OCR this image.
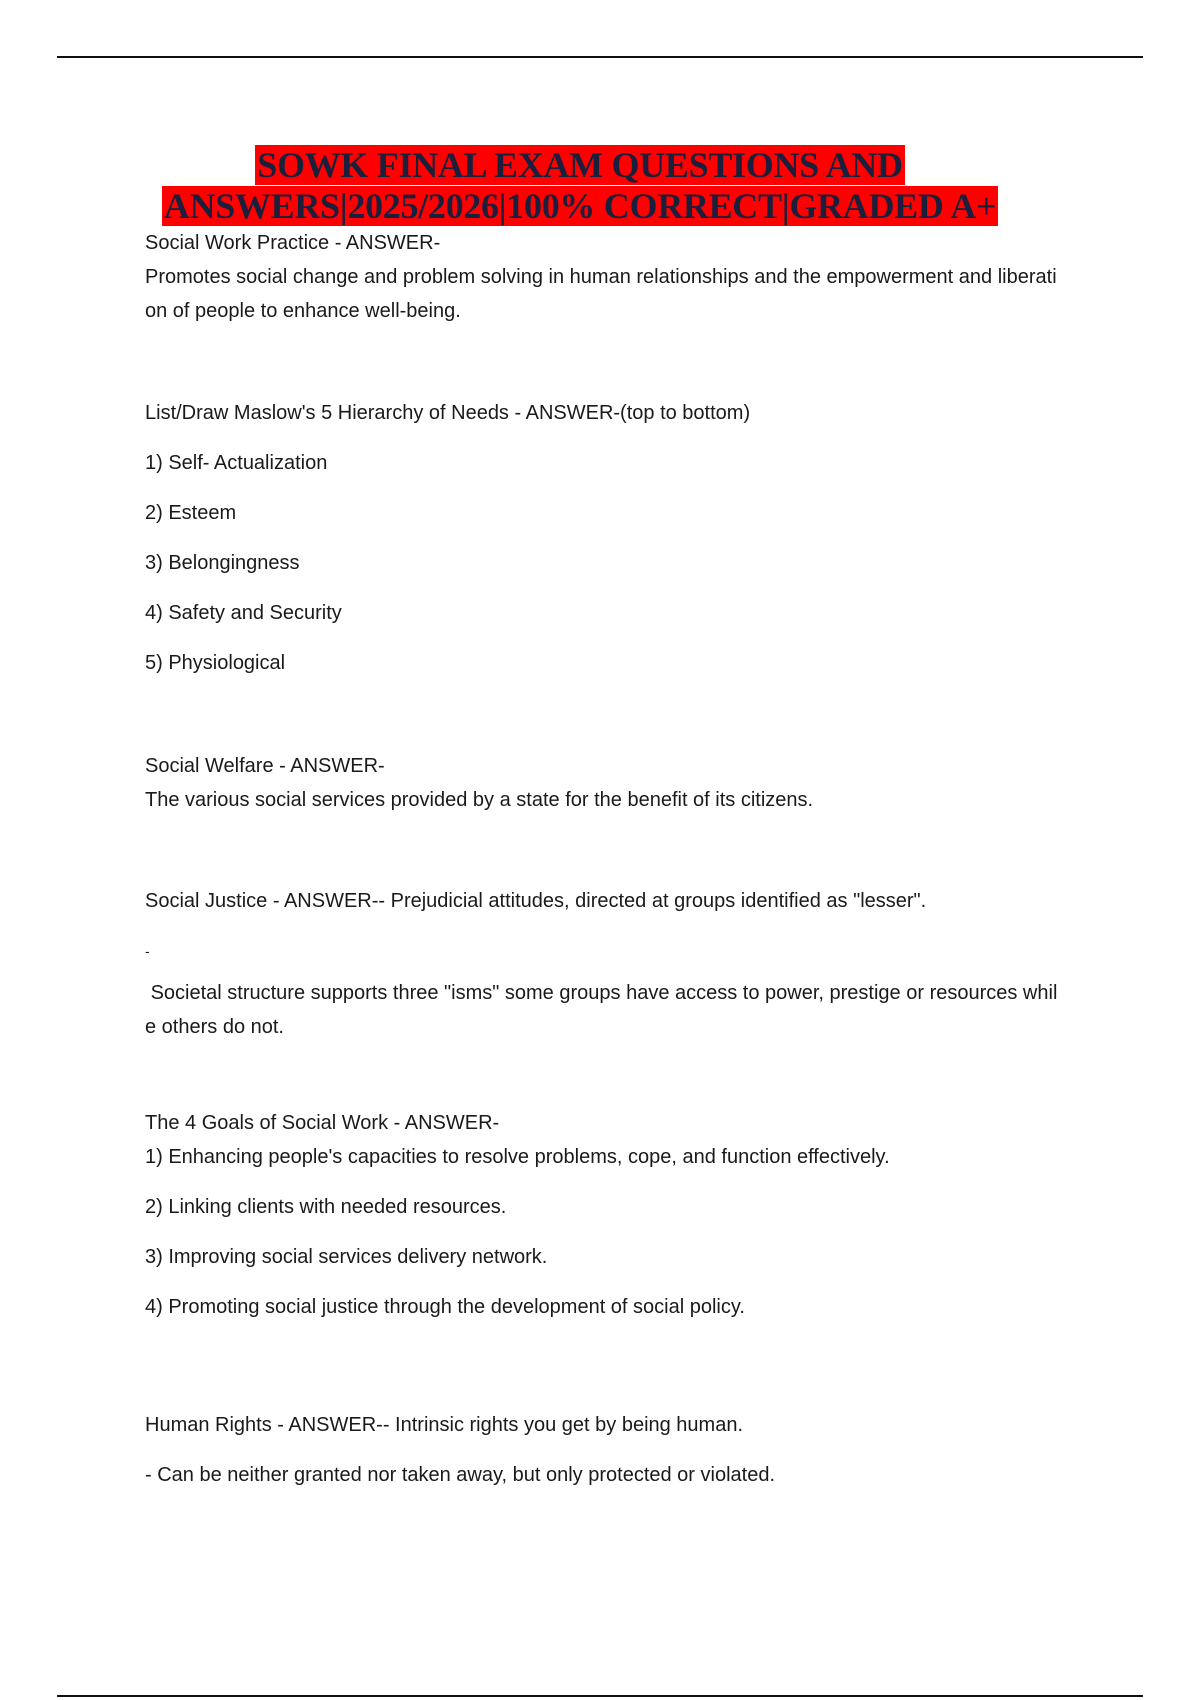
SOWK FINAL EXAM QUESTIONS AND
ANSWERS|2025/2026|100% CORRECT|GRADED A+

Social Work Practice - ANSWER-

Promotes social change and problem solving in human relationships and the empowerment and liberation of people to enhance well-being.

List/Draw Maslow's 5 Hierarchy of Needs - ANSWER-(top to bottom)

1) Self- Actualization

2) Esteem

3) Belongingness

4) Safety and Security

5) Physiological

Social Welfare - ANSWER-

The various social services provided by a state for the benefit of its citizens.

Social Justice - ANSWER-- Prejudicial attitudes, directed at groups identified as "lesser".

-

Societal structure supports three "isms" some groups have access to power, prestige or resources while others do not.

The 4 Goals of Social Work - ANSWER-

1) Enhancing people's capacities to resolve problems, cope, and function effectively.

2) Linking clients with needed resources.

3) Improving social services delivery network.

4) Promoting social justice through the development of social policy.

Human Rights - ANSWER-- Intrinsic rights you get by being human.

- Can be neither granted nor taken away, but only protected or violated.
